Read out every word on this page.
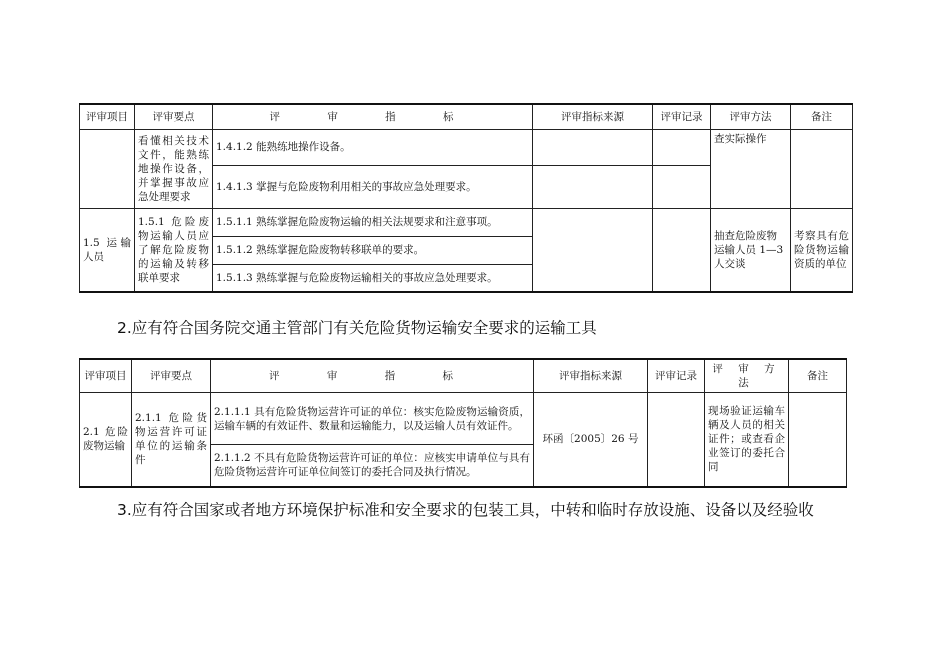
评审项目	评审要点	评 审 指 标	评审指标来源	评审记录	评审方法	备注
	看懂相关技术文件，能熟练地操作设备，并掌握事故应急处理要求	1.4.1.2 能熟练地操作设备。			查实际操作	
		1.4.1.3 掌握与危险废物利用相关的事故应急处理要求。				
1.5 运输人员	1.5.1 危险废物运输人员应了解危险废物的运输及转移联单要求	1.5.1.1 熟练掌握危险废物运输的相关法规要求和注意事项。			抽查危险废物运输人员 1—3 人交谈	考察具有危险货物运输资质的单位
		1.5.1.2 熟练掌握危险废物转移联单的要求。				
		1.5.1.3 熟练掌握与危险废物运输相关的事故应急处理要求。				
2.应有符合国务院交通主管部门有关危险货物运输安全要求的运输工具
评审项目	评审要点	评 审 指 标	评审指标来源	评审记录	评 审 方 法	备注
2.1 危险废物运输	2.1.1 危险货物运营许可证单位的运输条件	2.1.1.1 具有危险货物运营许可证的单位：核实危险废物运输资质，运输车辆的有效证件、数量和运输能力，以及运输人员有效证件。	环函〔2005〕26 号		现场验证运输车辆及人员的相关证件；或查看企业签订的委托合同	
		2.1.1.2 不具有危险货物运营许可证的单位：应核实申请单位与具有危险货物运营许可证单位间签订的委托合同及执行情况。				
3.应有符合国家或者地方环境保护标准和安全要求的包装工具，中转和临时存放设施、设备以及经验收
